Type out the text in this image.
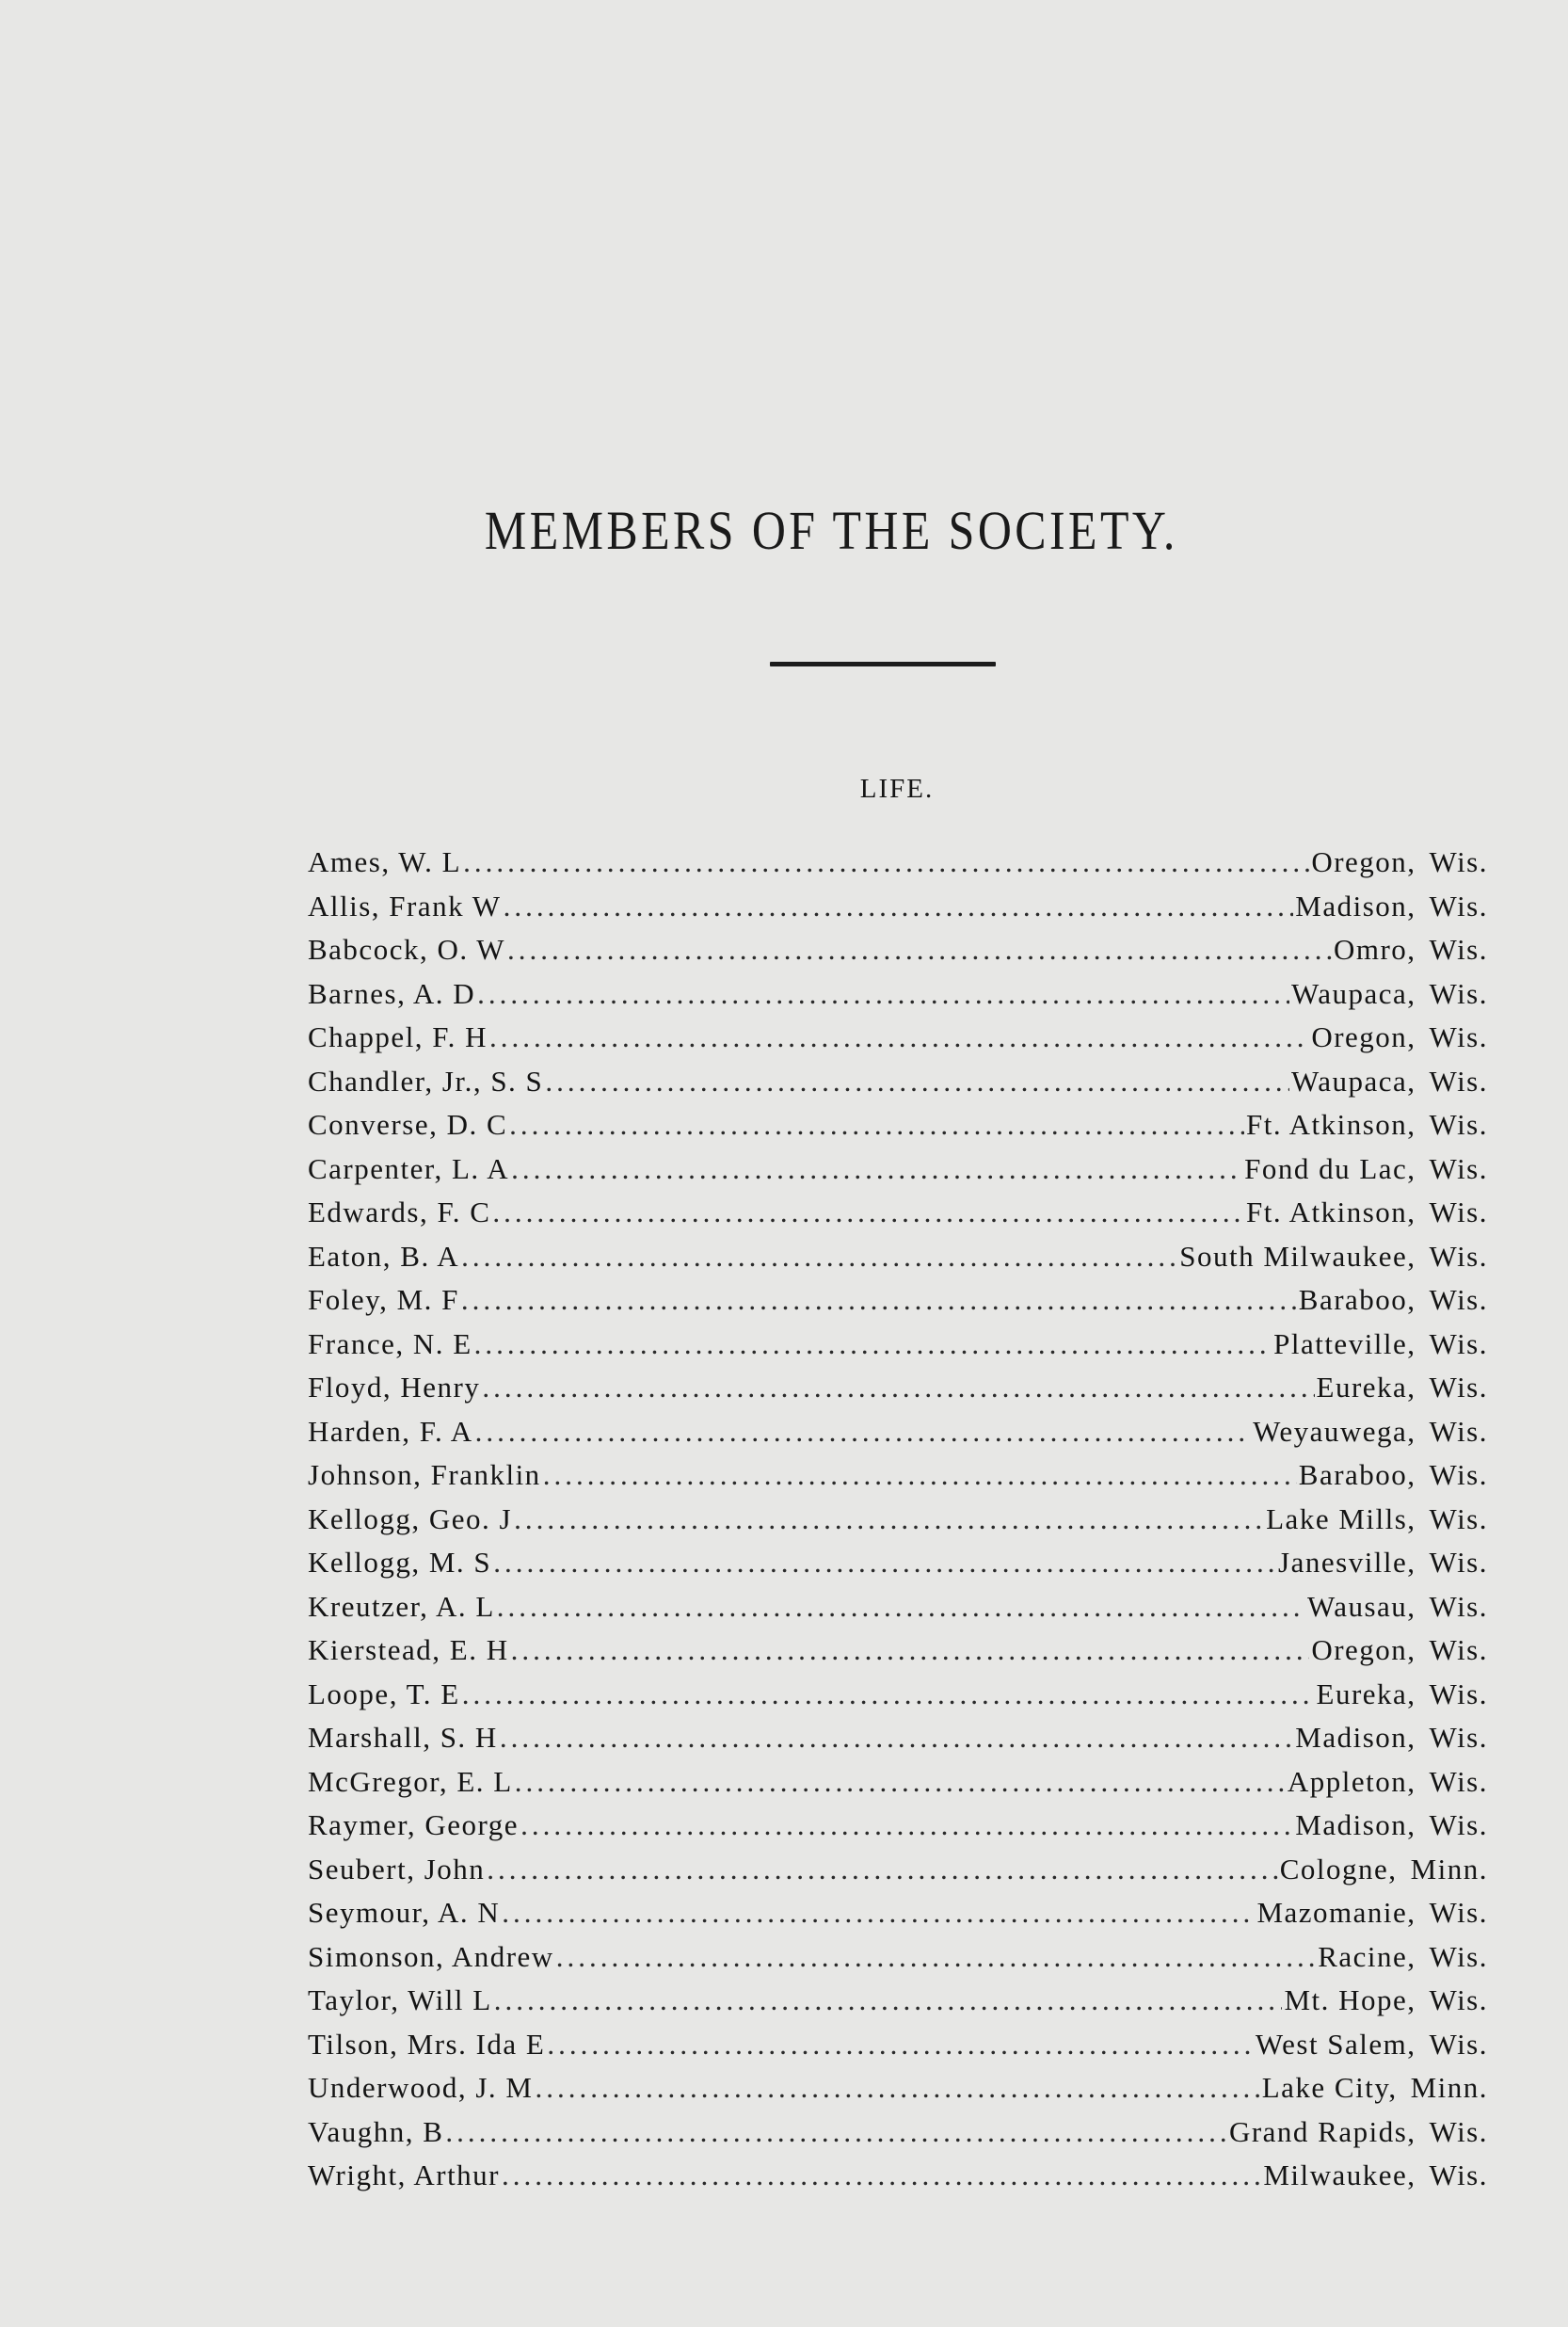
MEMBERS OF THE SOCIETY.
LIFE.
Ames, W. L .....	Oregon, Wis.
Allis, Frank W .....	Madison, Wis.
Babcock, O. W .....	Omro, Wis.
Barnes, A. D .....	Waupaca, Wis.
Chappel, F. H .....	Oregon, Wis.
Chandler, Jr., S. S .....	Waupaca, Wis.
Converse, D. C .....	Ft. Atkinson, Wis.
Carpenter, L. A .....	Fond du Lac, Wis.
Edwards, F. C .....	Ft. Atkinson, Wis.
Eaton, B. A .....	South Milwaukee, Wis.
Foley, M. F .....	Baraboo, Wis.
France, N. E .....	Platteville, Wis.
Floyd, Henry .....	Eureka, Wis.
Harden, F. A .....	Weyauwega, Wis.
Johnson, Franklin .....	Baraboo, Wis.
Kellogg, Geo. J .....	Lake Mills, Wis.
Kellogg, M. S .....	Janesville, Wis.
Kreutzer, A. L .....	Wausau, Wis.
Kierstead, E. H .....	Oregon, Wis.
Loope, T. E .....	Eureka, Wis.
Marshall, S. H .....	Madison, Wis.
McGregor, E. L .....	Appleton, Wis.
Raymer, George .....	Madison, Wis.
Seubert, John .....	Cologne, Minn.
Seymour, A. N .....	Mazomanie, Wis.
Simonson, Andrew .....	Racine, Wis.
Taylor, Will L .....	Mt. Hope, Wis.
Tilson, Mrs. Ida E .....	West Salem, Wis.
Underwood, J. M .....	Lake City, Minn.
Vaughn, B .....	Grand Rapids, Wis.
Wright, Arthur .....	Milwaukee, Wis.
